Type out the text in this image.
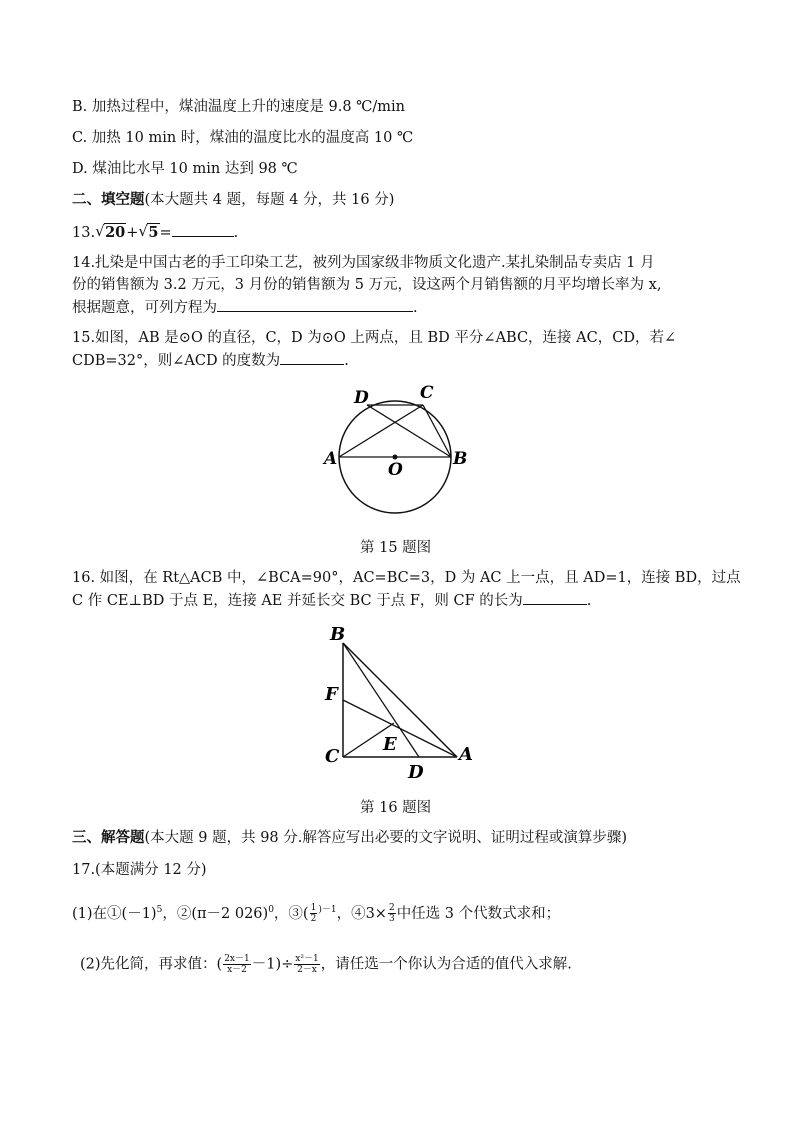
B. 加热过程中，煤油温度上升的速度是 9.8 ℃/min
C. 加热 10 min 时，煤油的温度比水的温度高 10 ℃
D. 煤油比水早 10 min 达到 98 ℃
二、填空题(本大题共 4 题，每题 4 分，共 16 分)
13. √ 20+ √ 5=	.
14.扎染是中国古老的手工印染工艺，被列为国家级非物质文化遗产.某扎染制品专卖店 1 月
份的销售额为 3.2 万元，3 月份的销售额为 5 万元，设这两个月销售额的月平均增长率为 x,
根据题意，可列方程为	.
15.如图，AB 是⊙O 的直径，C，D 为⊙O 上两点，且 BD 平分∠ABC，连接 AC，CD，若∠
CDB=32°，则∠ACD 的度数为	.
D	C
A
O
B
第 15 题图
16. 如图，在 Rt△ACB 中，∠BCA=90°，AC=BC=3，D 为 AC 上一点，且 AD=1，连接 BD，过点
C 作 CE⊥BD 于点 E，连接 AE 并延长交 BC 于点 F，则 CF 的长为	.
B
F
C
E
D
A
第 16 题图
三、解答题(本大题 9 题，共 98 分.解答应写出必要的文字说明、证明过程或演算步骤)
17.(本题满分 12 分)
(1)在$①(-1)^5$，②(π－2 026)$^0$，③( $\frac{1}{2} ^{)-1}$，④3× $\frac{2}{3}$ 中任选 3 个代数式求和；
(2)先化简，再求值：( $\frac{2x-1}{x-2} -1)\div \frac{\text{x²－1}}{2-x}$ ，请任选一个你认为合适的值代入求解.
